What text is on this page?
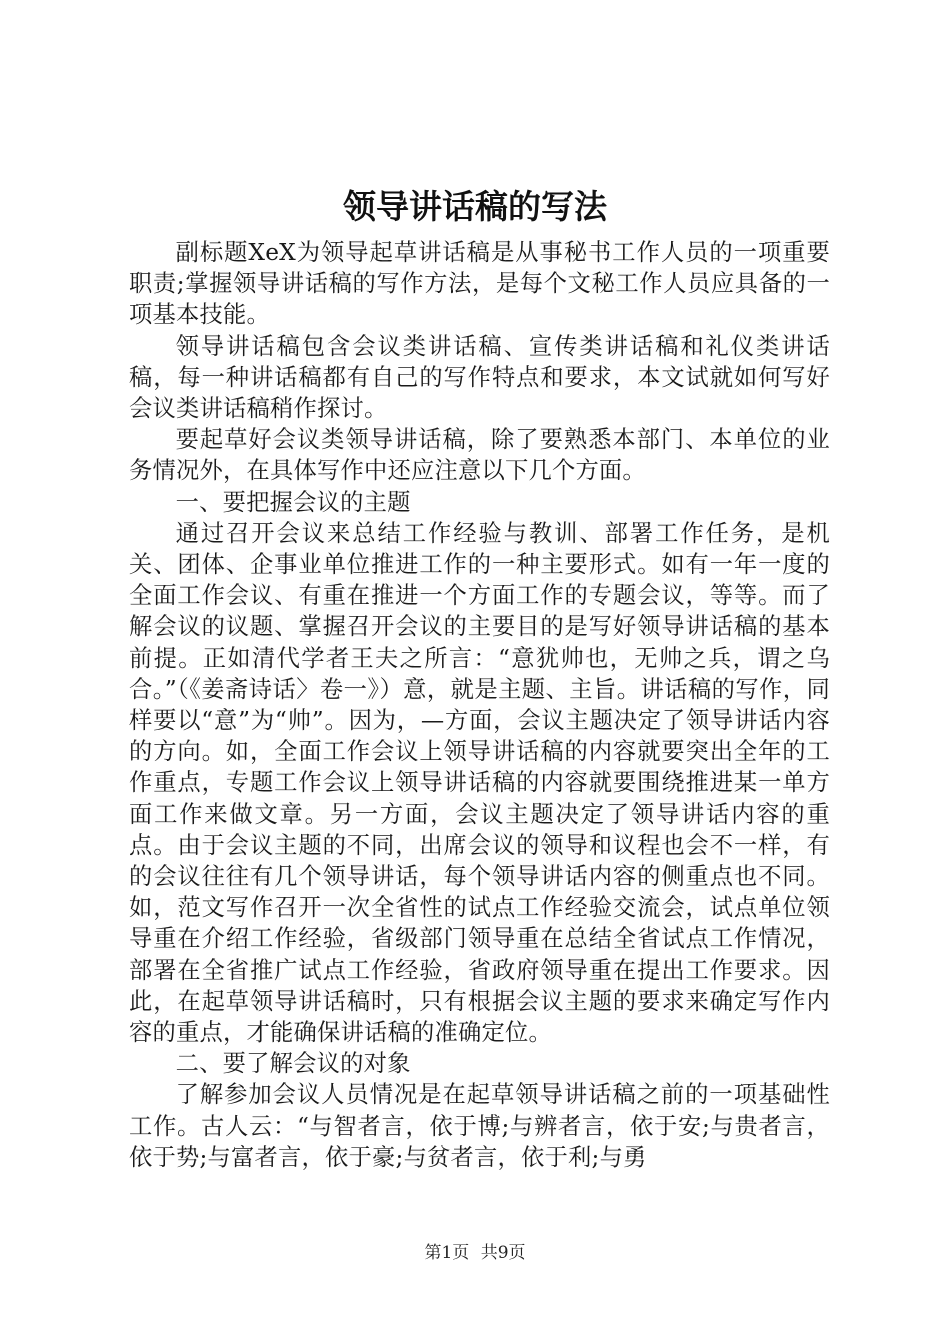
领导讲话稿的写法

副标题XeX为领导起草讲话稿是从事秘书工作人员的一项重要职责;掌握领导讲话稿的写作方法，是每个文秘工作人员应具备的一项基本技能。

领导讲话稿包含会议类讲话稿、宣传类讲话稿和礼仪类讲话稿，每一种讲话稿都有自己的写作特点和要求，本文试就如何写好会议类讲话稿稍作探讨。

要起草好会议类领导讲话稿，除了要熟悉本部门、本单位的业务情况外，在具体写作中还应注意以下几个方面。

一、要把握会议的主题

通过召开会议来总结工作经验与教训、部署工作任务，是机关、团体、企事业单位推进工作的一种主要形式。如有一年一度的全面工作会议、有重在推进一个方面工作的专题会议，等等。而了解会议的议题、掌握召开会议的主要目的是写好领导讲话稿的基本前提。正如清代学者王夫之所言：“意犹帅也，无帅之兵，谓之乌合。”（《姜斋诗话〉卷一》）意，就是主题、主旨。讲话稿的写作，同样要以“意”为“帅”。因为，—方面，会议主题决定了领导讲话内容的方向。如，全面工作会议上领导讲话稿的内容就要突出全年的工作重点，专题工作会议上领导讲话稿的内容就要围绕推进某一单方面工作来做文章。另一方面，会议主题决定了领导讲话内容的重点。由于会议主题的不同，出席会议的领导和议程也会不一样，有的会议往往有几个领导讲话，每个领导讲话内容的侧重点也不同。如，范文写作召开一次全省性的试点工作经验交流会，试点单位领导重在介绍工作经验，省级部门领导重在总结全省试点工作情况，部署在全省推广试点工作经验，省政府领导重在提出工作要求。因此，在起草领导讲话稿时，只有根据会议主题的要求来确定写作内容的重点，才能确保讲话稿的准确定位。

二、要了解会议的对象

了解参加会议人员情况是在起草领导讲话稿之前的一项基础性工作。古人云：“与智者言，依于博;与辨者言，依于安;与贵者言，依于势;与富者言，依于豪;与贫者言，依于利;与勇

第1页 共9页
